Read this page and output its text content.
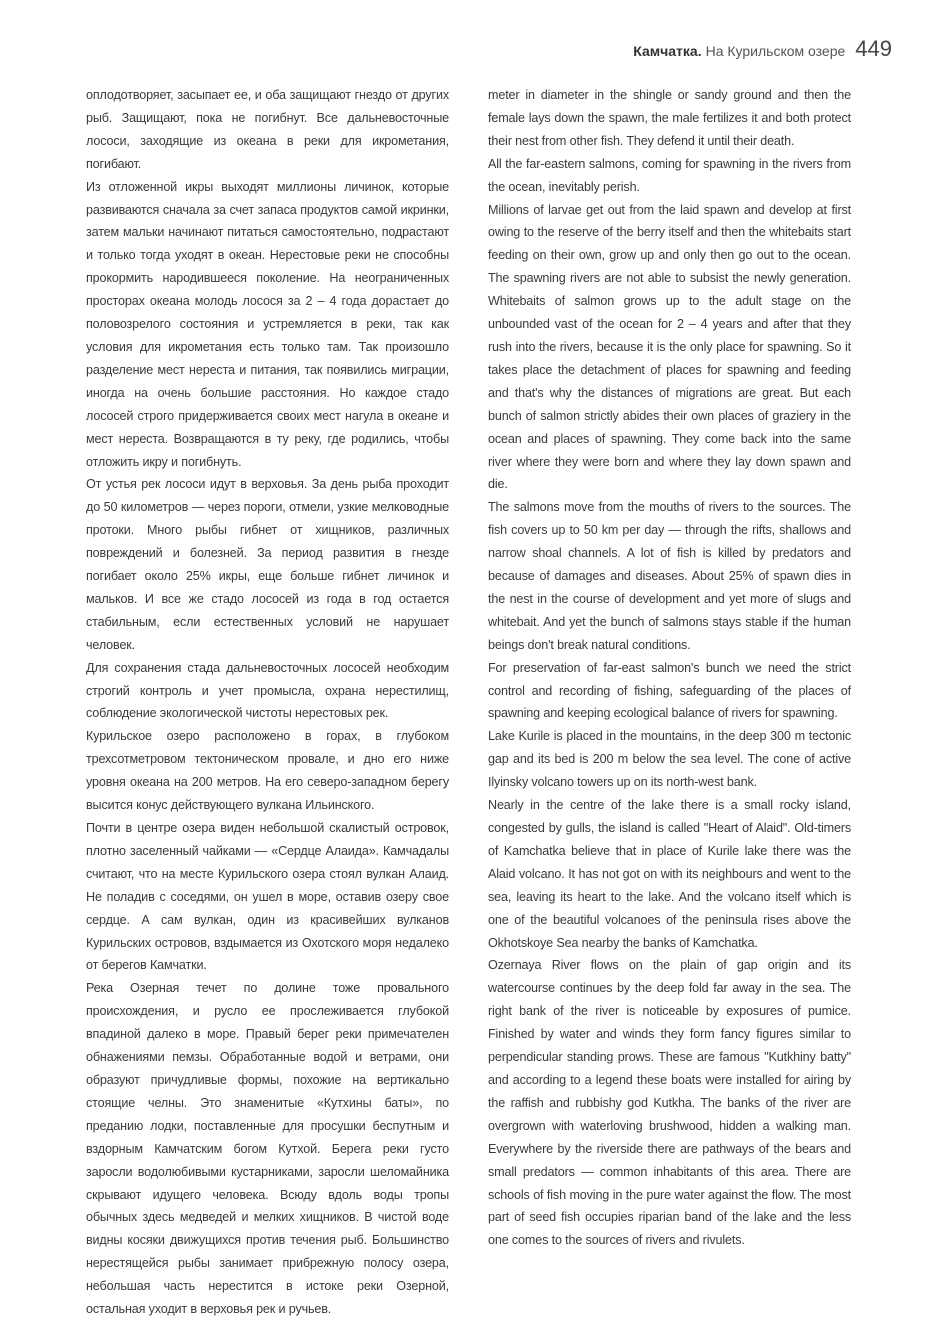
Камчатка. На Курильском озере 449

оплодотворяет, засыпает ее, и оба защищают гнездо от других рыб. Защищают, пока не погибнут. Все дальневосточные лососи, заходящие из океана в реки для икрометания, погибают.

Из отложенной икры выходят миллионы личинок, которые развиваются сначала за счет запаса продуктов самой икринки, затем мальки начинают питаться самостоятельно, подрастают и только тогда уходят в океан. Нерестовые реки не способны прокормить народившееся поколение. На неограниченных просторах океана молодь лосося за 2 – 4 года дорастает до половозрелого состояния и устремляется в реки, так как условия для икрометания есть только там. Так произошло разделение мест нереста и питания, так появились миграции, иногда на очень большие расстояния. Но каждое стадо лососей строго придерживается своих мест нагула в океане и мест нереста. Возвращаются в ту реку, где родились, чтобы отложить икру и погибнуть.

От устья рек лососи идут в верховья. За день рыба проходит до 50 километров — через пороги, отмели, узкие мелководные протоки. Много рыбы гибнет от хищников, различных повреждений и болезней. За период развития в гнезде погибает около 25% икры, еще больше гибнет личинок и мальков. И все же стадо лососей из года в год остается стабильным, если естественных условий не нарушает человек.

Для сохранения стада дальневосточных лососей необходим строгий контроль и учет промысла, охрана нерестилищ, соблюдение экологической чистоты нерестовых рек.

Курильское озеро расположено в горах, в глубоком трехсотметровом тектоническом провале, и дно его ниже уровня океана на 200 метров. На его северо-западном берегу высится конус действующего вулкана Ильинского.

Почти в центре озера виден небольшой скалистый островок, плотно заселенный чайками — «Сердце Алаида». Камчадалы считают, что на месте Курильского озера стоял вулкан Алаид. Не поладив с соседями, он ушел в море, оставив озеру свое сердце. А сам вулкан, один из красивейших вулканов Курильских островов, вздымается из Охотского моря недалеко от берегов Камчатки.

Река Озерная течет по долине тоже провального происхождения, и русло ее прослеживается глубокой впадиной далеко в море. Правый берег реки примечателен обнажениями пемзы. Обработанные водой и ветрами, они образуют причудливые формы, похожие на вертикально стоящие челны. Это знаменитые «Кутхины баты», по преданию лодки, поставленные для просушки беспутным и вздорным Камчатским богом Кутхой. Берега реки густо заросли водолюбивыми кустарниками, заросли шеломайника скрывают идущего человека. Всюду вдоль воды тропы обычных здесь медведей и мелких хищников. В чистой воде видны косяки движущихся против течения рыб. Большинство нерестящейся рыбы занимает прибрежную полосу озера, небольшая часть нерестится в истоке реки Озерной, остальная уходит в верховья рек и ручьев.

meter in diameter in the shingle or sandy ground and then the female lays down the spawn, the male fertilizes it and both protect their nest from other fish. They defend it until their death.

All the far-eastern salmons, coming for spawning in the rivers from the ocean, inevitably perish.

Millions of larvae get out from the laid spawn and develop at first owing to the reserve of the berry itself and then the whitebaits start feeding on their own, grow up and only then go out to the ocean. The spawning rivers are not able to subsist the newly generation. Whitebaits of salmon grows up to the adult stage on the unbounded vast of the ocean for 2 – 4 years and after that they rush into the rivers, because it is the only place for spawning. So it takes place the detachment of places for spawning and feeding and that's why the distances of migrations are great. But each bunch of salmon strictly abides their own places of graziery in the ocean and places of spawning. They come back into the same river where they were born and where they lay down spawn and die.

The salmons move from the mouths of rivers to the sources. The fish covers up to 50 km per day — through the rifts, shallows and narrow shoal channels. A lot of fish is killed by predators and because of damages and diseases. About 25% of spawn dies in the nest in the course of development and yet more of slugs and whitebait. And yet the bunch of salmons stays stable if the human beings don't break natural conditions.

For preservation of far-east salmon's bunch we need the strict control and recording of fishing, safeguarding of the places of spawning and keeping ecological balance of rivers for spawning.

Lake Kurile is placed in the mountains, in the deep 300 m tectonic gap and its bed is 200 m below the sea level. The cone of active Ilyinsky volcano towers up on its north-west bank.

Nearly in the centre of the lake there is a small rocky island, congested by gulls, the island is called "Heart of Alaid". Old-timers of Kamchatka believe that in place of Kurile lake there was the Alaid volcano. It has not got on with its neighbours and went to the sea, leaving its heart to the lake. And the volcano itself which is one of the beautiful volcanoes of the peninsula rises above the Okhotskoye Sea nearby the banks of Kamchatka.

Ozernaya River flows on the plain of gap origin and its watercourse continues by the deep fold far away in the sea. The right bank of the river is noticeable by exposures of pumice. Finished by water and winds they form fancy figures similar to perpendicular standing prows. These are famous "Kutkhiny batty" and according to a legend these boats were installed for airing by the raffish and rubbishy god Kutkha. The banks of the river are overgrown with waterloving brushwood, hidden a walking man. Everywhere by the riverside there are pathways of the bears and small predators — common inhabitants of this area. There are schools of fish moving in the pure water against the flow. The most part of seed fish occupies riparian band of the lake and the less one comes to the sources of rivers and rivulets.
